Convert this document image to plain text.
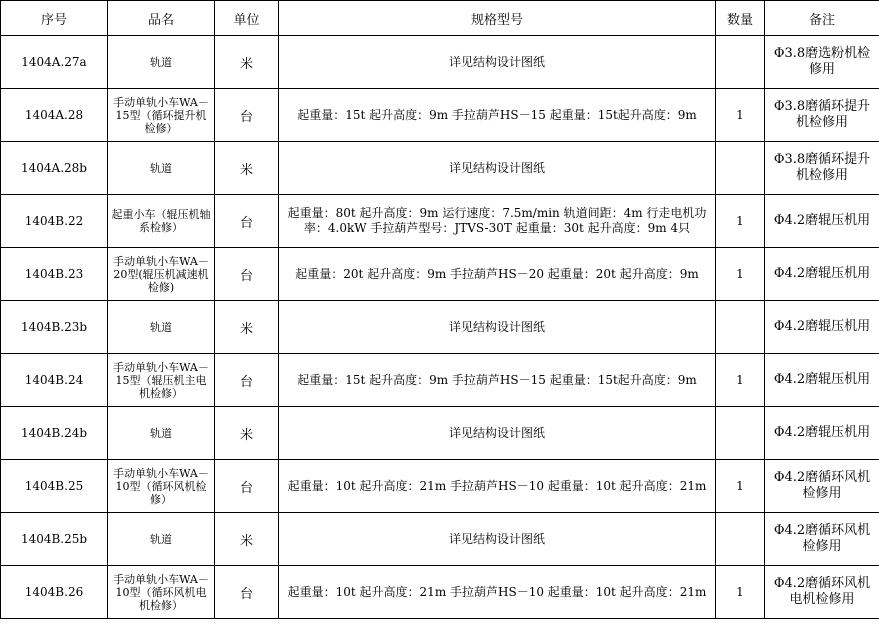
序号	品名	单位	规格型号	数量	备注
1404A.27a	轨道	米	详见结构设计图纸		Φ3.8磨选粉机检修用
1404A.28	手动单轨小车WA－15型（循环提升机检修）	台	起重量：15t 起升高度：9m 手拉葫芦HS－15 起重量：15t起升高度：9m	1	Φ3.8磨循环提升机检修用
1404A.28b	轨道	米	详见结构设计图纸		Φ3.8磨循环提升机检修用
1404B.22	起重小车（辊压机轴系检修）	台	起重量：80t 起升高度：9m 运行速度：7.5m/min 轨道间距：4m 行走电机功率：4.0kW 手拉葫芦型号：JTVS-30T 起重量：30t 起升高度：9m 4只	1	Φ4.2磨辊压机用
1404B.23	手动单轨小车WA－20型(辊压机减速机检修)	台	起重量：20t 起升高度：9m 手拉葫芦HS－20 起重量：20t 起升高度：9m	1	Φ4.2磨辊压机用
1404B.23b	轨道	米	详见结构设计图纸		Φ4.2磨辊压机用
1404B.24	手动单轨小车WA－15型（辊压机主电机检修）	台	起重量：15t 起升高度：9m 手拉葫芦HS－15 起重量：15t起升高度：9m	1	Φ4.2磨辊压机用
1404B.24b	轨道	米	详见结构设计图纸		Φ4.2磨辊压机用
1404B.25	手动单轨小车WA－10型（循环风机检修）	台	起重量：10t 起升高度：21m 手拉葫芦HS－10 起重量：10t 起升高度：21m	1	Φ4.2磨循环风机检修用
1404B.25b	轨道	米	详见结构设计图纸		Φ4.2磨循环风机检修用
1404B.26	手动单轨小车WA－10型（循环风机电机检修）	台	起重量：10t 起升高度：21m 手拉葫芦HS－10 起重量：10t 起升高度：21m	1	Φ4.2磨循环风机电机检修用
